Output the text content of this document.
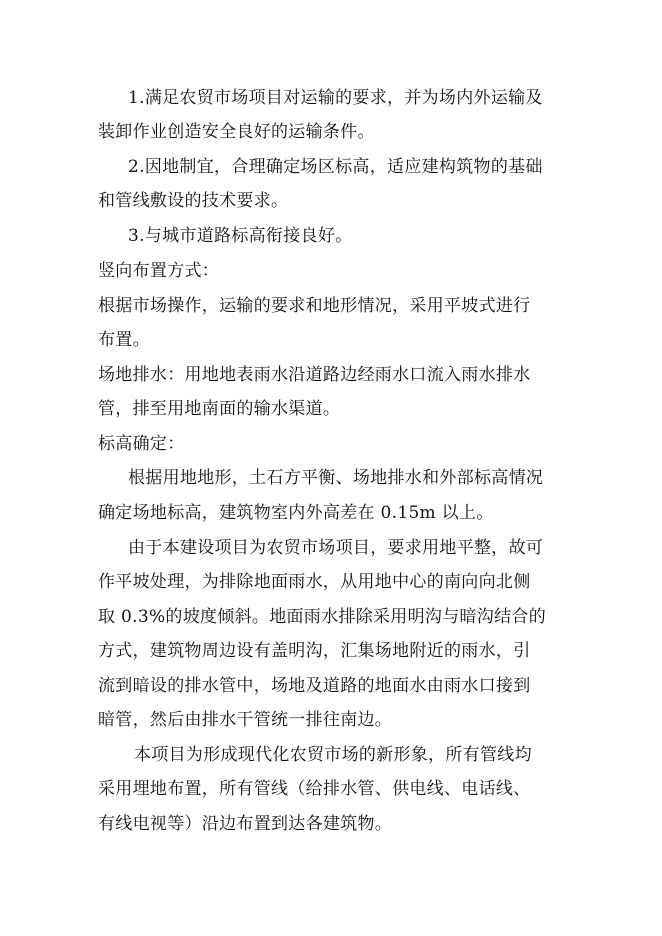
1.满足农贸市场项目对运输的要求，并为场内外运输及
装卸作业创造安全良好的运输条件。
2.因地制宜，合理确定场区标高，适应建构筑物的基础
和管线敷设的技术要求。
3.与城市道路标高衔接良好。
竖向布置方式：
根据市场操作，运输的要求和地形情况，采用平坡式进行
布置。
场地排水：用地地表雨水沿道路边经雨水口流入雨水排水
管，排至用地南面的输水渠道。
标高确定：
根据用地地形，土石方平衡、场地排水和外部标高情况
确定场地标高，建筑物室内外高差在 0.15m 以上。
由于本建设项目为农贸市场项目，要求用地平整，故可
作平坡处理，为排除地面雨水，从用地中心的南向向北侧
取 0.3%的坡度倾斜。地面雨水排除采用明沟与暗沟结合的
方式，建筑物周边设有盖明沟，汇集场地附近的雨水，引
流到暗设的排水管中，场地及道路的地面水由雨水口接到
暗管，然后由排水干管统一排往南边。
本项目为形成现代化农贸市场的新形象，所有管线均
采用埋地布置，所有管线（给排水管、供电线、电话线、
有线电视等）沿边布置到达各建筑物。
